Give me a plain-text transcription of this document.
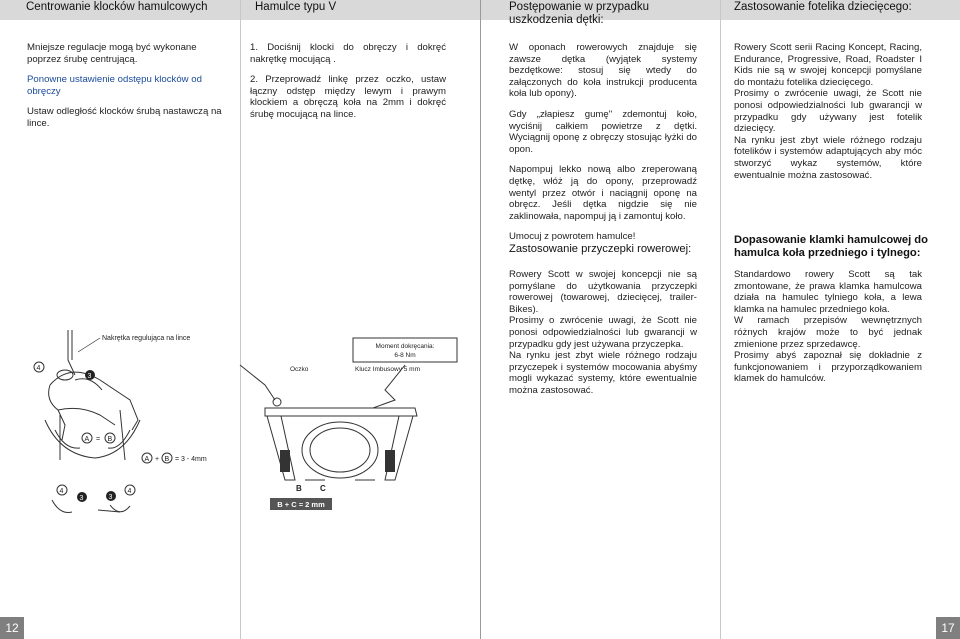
Centrowanie klocków hamulcowych	Hamulce typu V	Postępowanie w przypadku
uszkodzenia dętki:
Zastosowanie fotelika dziecięcego:

Mniejsze regulacje mogą być wykonane poprzez śrubę centrującą.

Ponowne ustawienie odstępu klocków od obręczy

Ustaw odległość klocków śrubą nastawczą na lince.

1. Dociśnij klocki do obręczy i dokręć nakrętkę mocującą .

2. Przeprowadź linkę przez oczko, ustaw łączny odstęp między lewym i prawym klockiem a obręczą koła na 2mm i dokręć śrubę mocującą na lince.

W oponach rowerowych znajduje się zawsze dętka (wyjątek systemy bezdętkowe: stosuj się wtedy do załączonych do koła instrukcji producenta koła lub opony).

Gdy „złapiesz gumę" zdemontuj koło, wyciśnij całkiem powietrze z dętki. Wyciągnij oponę z obręczy stosując łyżki do opon.

Napompuj lekko nową albo zreperowaną dętkę, włóż ją do opony, przeprowadź wentyl przez otwór i naciągnij oponę na obręcz. Jeśli dętka nigdzie się nie zaklinowała, napompuj ją i zamontuj koło.

Umocuj z powrotem hamulce!

Zastosowanie przyczepki rowerowej:
Rowery Scott w swojej koncepcji nie są pomyślane do użytkowania przyczepki rowerowej (towarowej, dziecięcej, trailer-Bikes).
Prosimy o zwrócenie uwagi, że Scott nie ponosi odpowiedzialności lub gwarancji w przypadku gdy jest używana przyczepka.
Na rynku jest zbyt wiele różnego rodzaju przyczepek i systemów mocowania abyśmy mogli wykazać systemy, które ewentualnie można zastosować.
Rowery Scott serii Racing Koncept, Racing, Endurance, Progressive, Road, Roadster I Kids nie są w swojej koncepcji pomyślane do montażu fotelika dziecięcego.
Prosimy o zwrócenie uwagi, że Scott nie ponosi odpowiedzialności lub gwarancji w przypadku gdy używany jest fotelik dziecięcy.
Na rynku jest zbyt wiele różnego rodzaju fotelików i systemów adaptujących aby móc stworzyć wykaz systemów, które ewentualnie można zastosować.
Dopasowanie klamki hamulcowej do
hamulca koła przedniego i tylnego:
Standardowo rowery Scott są tak zmontowane, że prawa klamka hamulcowa działa na hamulec tylniego koła, a lewa klamka na hamulec przedniego koła.
W ramach przepisów wewnętrznych różnych krajów może to być jednak zmienione przez sprzedawcę.
Prosimy abyś zapoznał się dokładnie z funkcjonowaniem i przyporządkowaniem klamek do hamulców.
Nakrętka regulująca na lince
4
3
A = B
A + B = 3 - 4mm
4
3	3
4
Moment dokręcania:
6-8 Nm
Oczko	Klucz Imbusowy 5 mm
B C
B + C = 2 mm
12	17
